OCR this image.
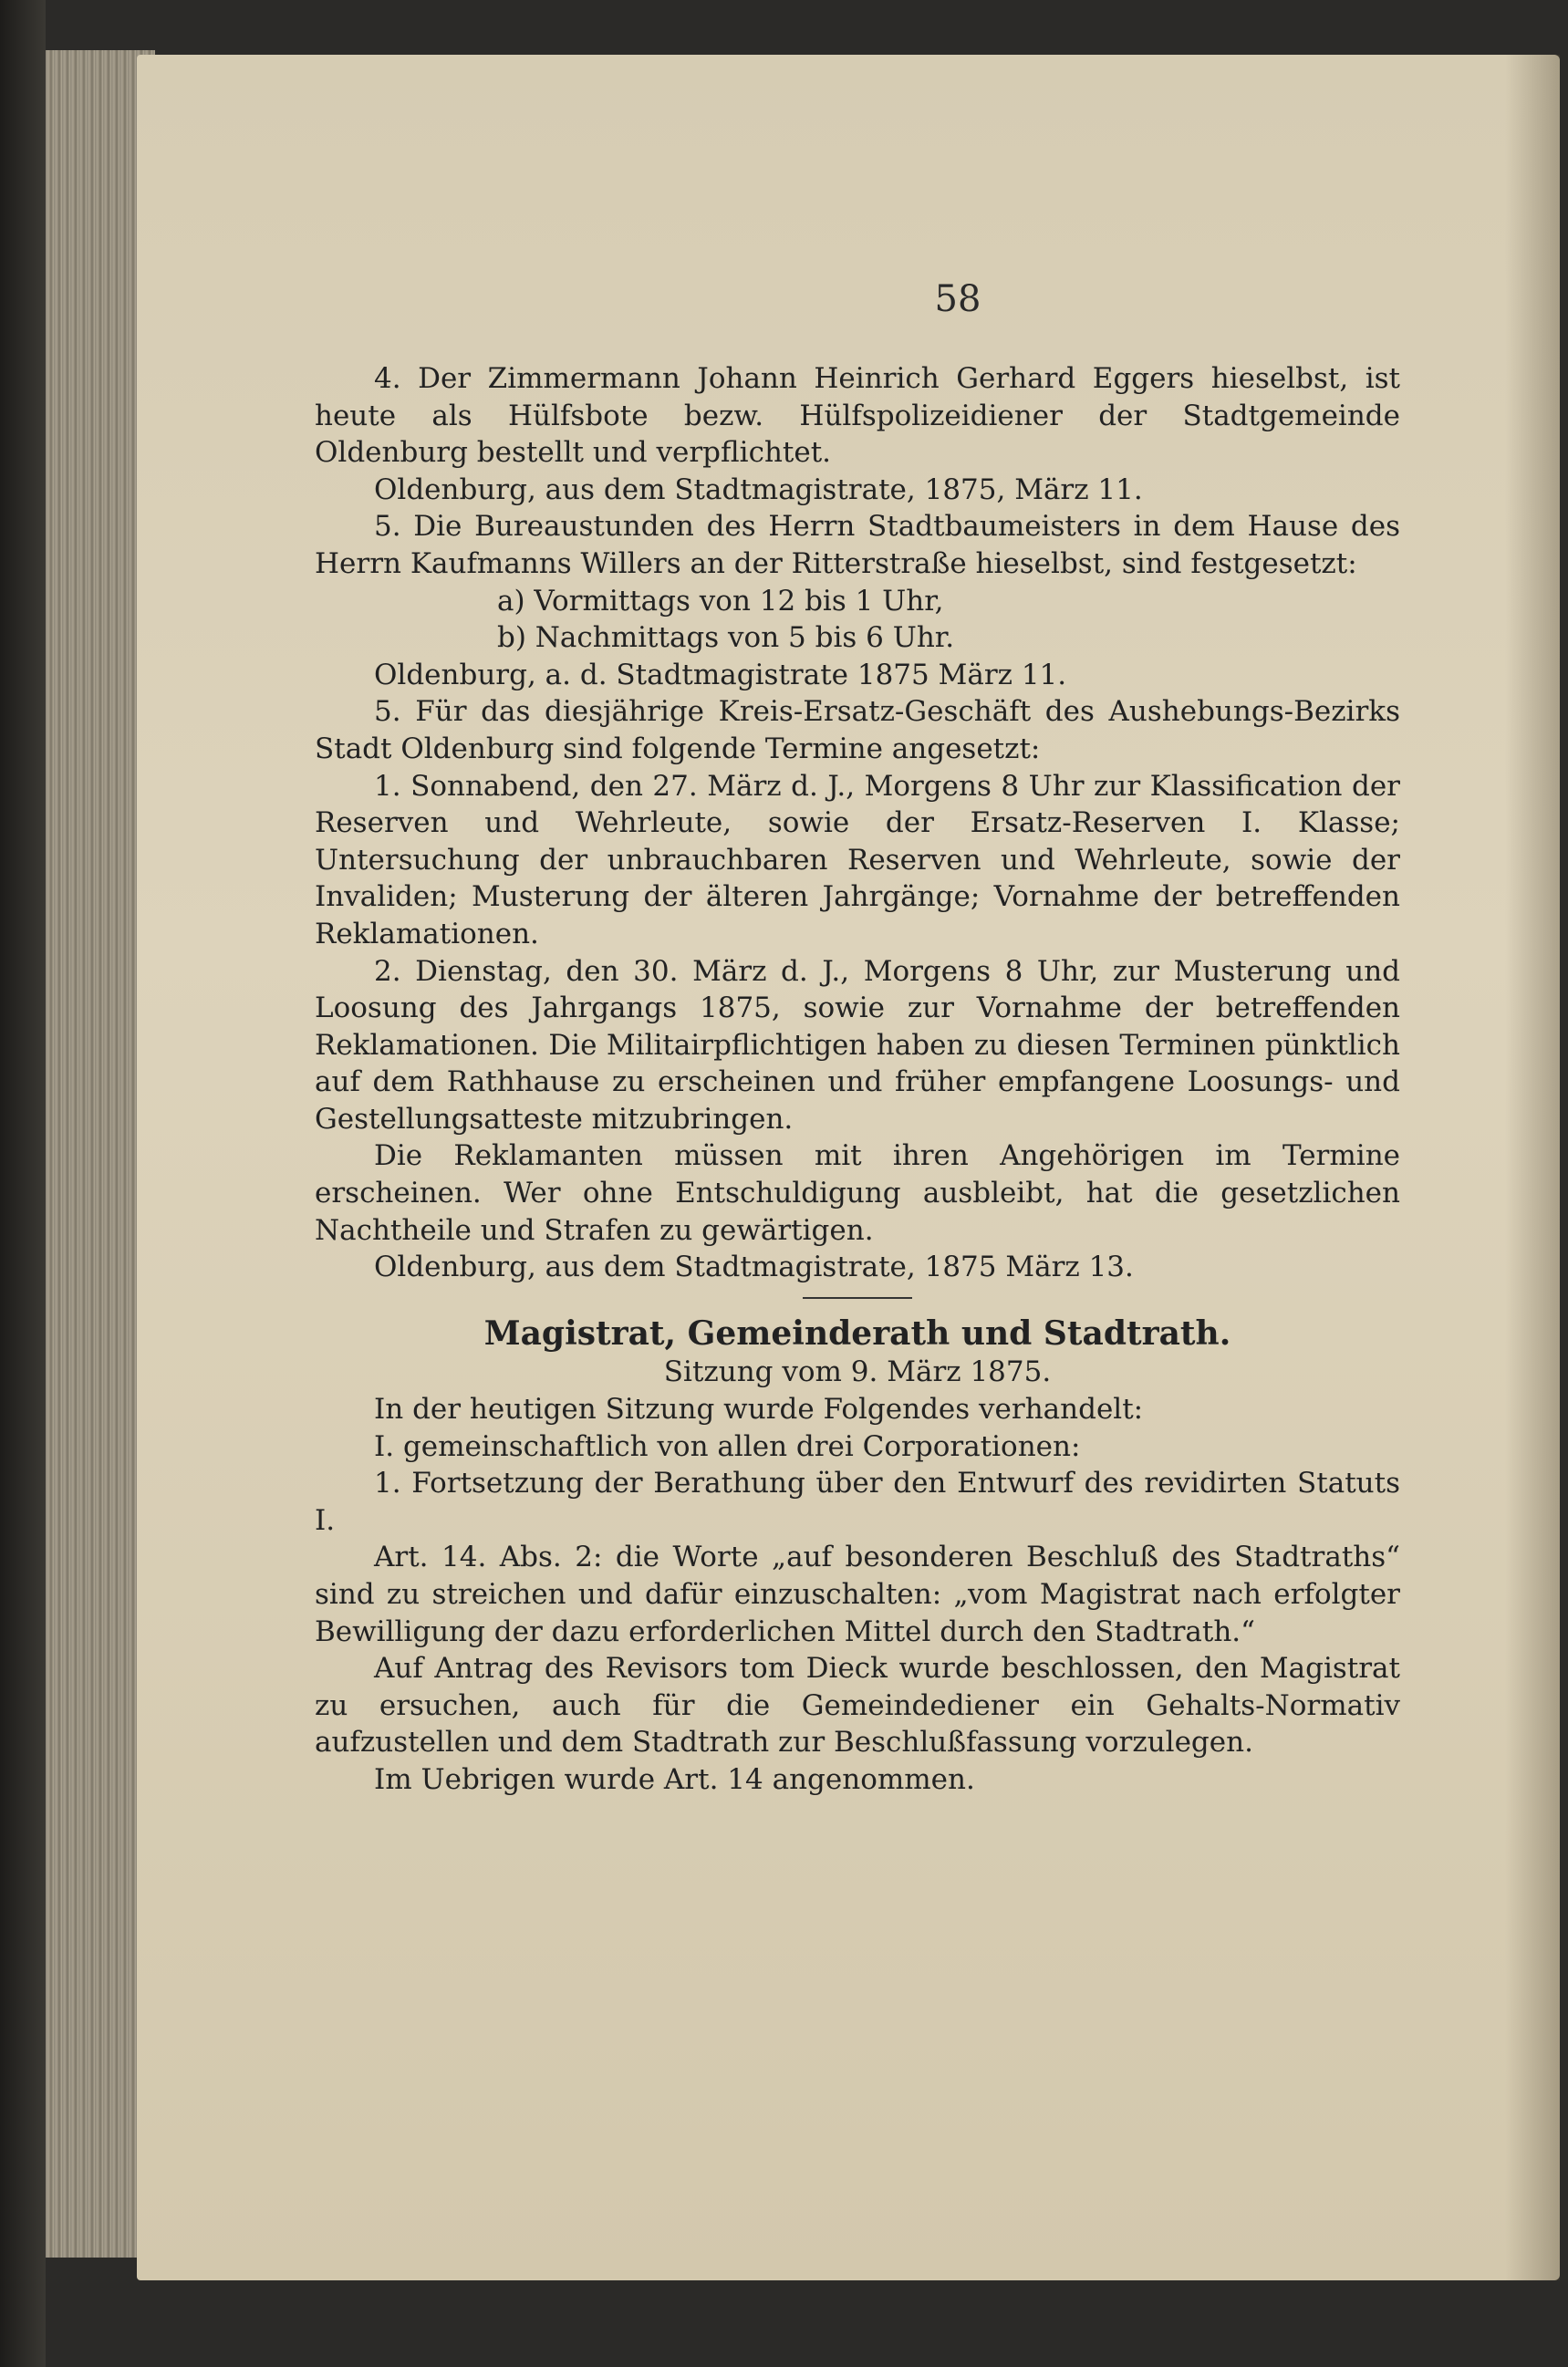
58

4. Der Zimmermann Johann Heinrich Gerhard Eggers hieselbst, ist heute als Hülfsbote bezw. Hülfspolizeidiener der Stadtgemeinde Oldenburg bestellt und verpflichtet.

Oldenburg, aus dem Stadtmagistrate, 1875, März 11.

5. Die Bureaustunden des Herrn Stadtbaumeisters in dem Hause des Herrn Kaufmanns Willers an der Ritterstraße hieselbst, sind festgesetzt:

a) Vormittags von 12 bis 1 Uhr,

b) Nachmittags von 5 bis 6 Uhr.

Oldenburg, a. d. Stadtmagistrate 1875 März 11.

5. Für das diesjährige Kreis-Ersatz-Geschäft des Aushebungs-Bezirks Stadt Oldenburg sind folgende Termine angesetzt:

1. Sonnabend, den 27. März d. J., Morgens 8 Uhr zur Klassification der Reserven und Wehrleute, sowie der Ersatz-Reserven I. Klasse; Untersuchung der unbrauchbaren Reserven und Wehrleute, sowie der Invaliden; Musterung der älteren Jahrgänge; Vornahme der betreffenden Reklamationen.

2. Dienstag, den 30. März d. J., Morgens 8 Uhr, zur Musterung und Loosung des Jahrgangs 1875, sowie zur Vornahme der betreffenden Reklamationen. Die Militairpflichtigen haben zu diesen Terminen pünktlich auf dem Rathhause zu erscheinen und früher empfangene Loosungs- und Gestellungsatteste mitzubringen.

Die Reklamanten müssen mit ihren Angehörigen im Termine erscheinen. Wer ohne Entschuldigung ausbleibt, hat die gesetzlichen Nachtheile und Strafen zu gewärtigen.

Oldenburg, aus dem Stadtmagistrate, 1875 März 13.

Magistrat, Gemeinderath und Stadtrath.

Sitzung vom 9. März 1875.

In der heutigen Sitzung wurde Folgendes verhandelt:

I. gemeinschaftlich von allen drei Corporationen:

1. Fortsetzung der Berathung über den Entwurf des revidirten Statuts I.

Art. 14. Abs. 2: die Worte „auf besonderen Beschluß des Stadtraths“ sind zu streichen und dafür einzuschalten: „vom Magistrat nach erfolgter Bewilligung der dazu erforderlichen Mittel durch den Stadtrath.“

Auf Antrag des Revisors tom Dieck wurde beschlossen, den Magistrat zu ersuchen, auch für die Gemeindediener ein Gehalts-Normativ aufzustellen und dem Stadtrath zur Beschlußfassung vorzulegen.

Im Uebrigen wurde Art. 14 angenommen.
